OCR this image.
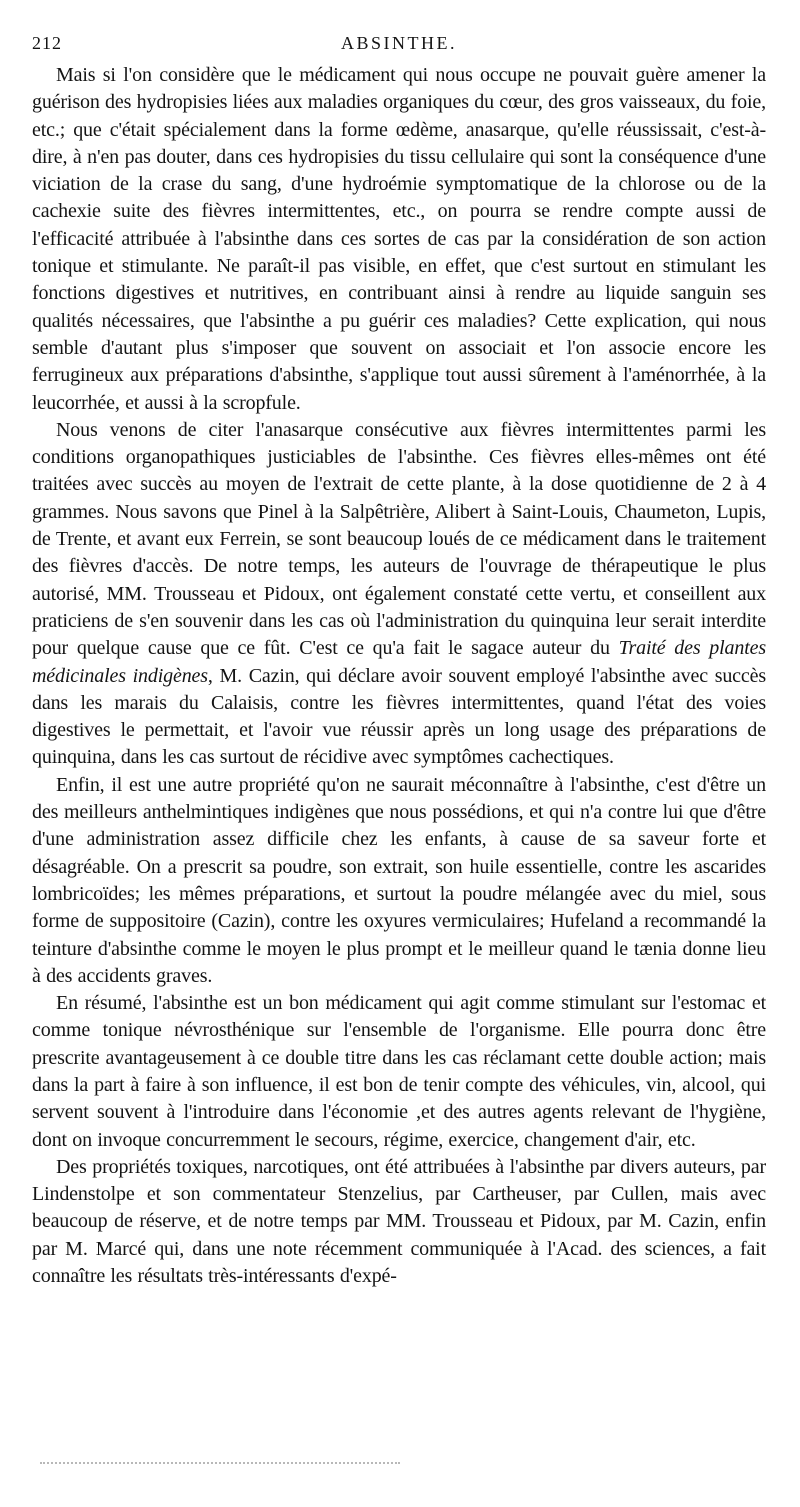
212	ABSINTHE.

Mais si l'on considère que le médicament qui nous occupe ne pouvait guère amener la guérison des hydropisies liées aux maladies organiques du cœur, des gros vaisseaux, du foie, etc.; que c'était spécialement dans la forme œdème, anasarque, qu'elle réussissait, c'est-à-dire, à n'en pas douter, dans ces hydropisies du tissu cellulaire qui sont la conséquence d'une viciation de la crase du sang, d'une hydroémie symptomatique de la chlorose ou de la cachexie suite des fièvres intermittentes, etc., on pourra se rendre compte aussi de l'efficacité attribuée à l'absinthe dans ces sortes de cas par la considération de son action tonique et stimulante. Ne paraît-il pas visible, en effet, que c'est surtout en stimulant les fonctions digestives et nutritives, en contribuant ainsi à rendre au liquide sanguin ses qualités nécessaires, que l'absinthe a pu guérir ces maladies? Cette explication, qui nous semble d'autant plus s'imposer que souvent on associait et l'on associe encore les ferrugineux aux préparations d'absinthe, s'applique tout aussi sûrement à l'aménorrhée, à la leucorrhée, et aussi à la scropfule.

Nous venons de citer l'anasarque consécutive aux fièvres intermittentes parmi les conditions organopathiques justiciables de l'absinthe. Ces fièvres elles-mêmes ont été traitées avec succès au moyen de l'extrait de cette plante, à la dose quotidienne de 2 à 4 grammes. Nous savons que Pinel à la Salpêtrière, Alibert à Saint-Louis, Chaumeton, Lupis, de Trente, et avant eux Ferrein, se sont beaucoup loués de ce médicament dans le traitement des fièvres d'accès. De notre temps, les auteurs de l'ouvrage de thérapeutique le plus autorisé, MM. Trousseau et Pidoux, ont également constaté cette vertu, et conseillent aux praticiens de s'en souvenir dans les cas où l'administration du quinquina leur serait interdite pour quelque cause que ce fût. C'est ce qu'a fait le sagace auteur du Traité des plantes médicinales indigènes, M. Cazin, qui déclare avoir souvent employé l'absinthe avec succès dans les marais du Calaisis, contre les fièvres intermittentes, quand l'état des voies digestives le permettait, et l'avoir vue réussir après un long usage des préparations de quinquina, dans les cas surtout de récidive avec symptômes cachectiques.

Enfin, il est une autre propriété qu'on ne saurait méconnaître à l'absinthe, c'est d'être un des meilleurs anthelmintiques indigènes que nous possédions, et qui n'a contre lui que d'être d'une administration assez difficile chez les enfants, à cause de sa saveur forte et désagréable. On a prescrit sa poudre, son extrait, son huile essentielle, contre les ascarides lombricoïdes; les mêmes préparations, et surtout la poudre mélangée avec du miel, sous forme de suppositoire (Cazin), contre les oxyures vermiculaires; Hufeland a recommandé la teinture d'absinthe comme le moyen le plus prompt et le meilleur quand le tænia donne lieu à des accidents graves.

En résumé, l'absinthe est un bon médicament qui agit comme stimulant sur l'estomac et comme tonique névrosthénique sur l'ensemble de l'organisme. Elle pourra donc être prescrite avantageusement à ce double titre dans les cas réclamant cette double action; mais dans la part à faire à son influence, il est bon de tenir compte des véhicules, vin, alcool, qui servent souvent à l'introduire dans l'économie ,et des autres agents relevant de l'hygiène, dont on invoque concurremment le secours, régime, exercice, changement d'air, etc.

Des propriétés toxiques, narcotiques, ont été attribuées à l'absinthe par divers auteurs, par Lindenstolpe et son commentateur Stenzelius, par Cartheuser, par Cullen, mais avec beaucoup de réserve, et de notre temps par MM. Trousseau et Pidoux, par M. Cazin, enfin par M. Marcé qui, dans une note récemment communiquée à l'Acad. des sciences, a fait connaître les résultats très-intéressants d'expé-
